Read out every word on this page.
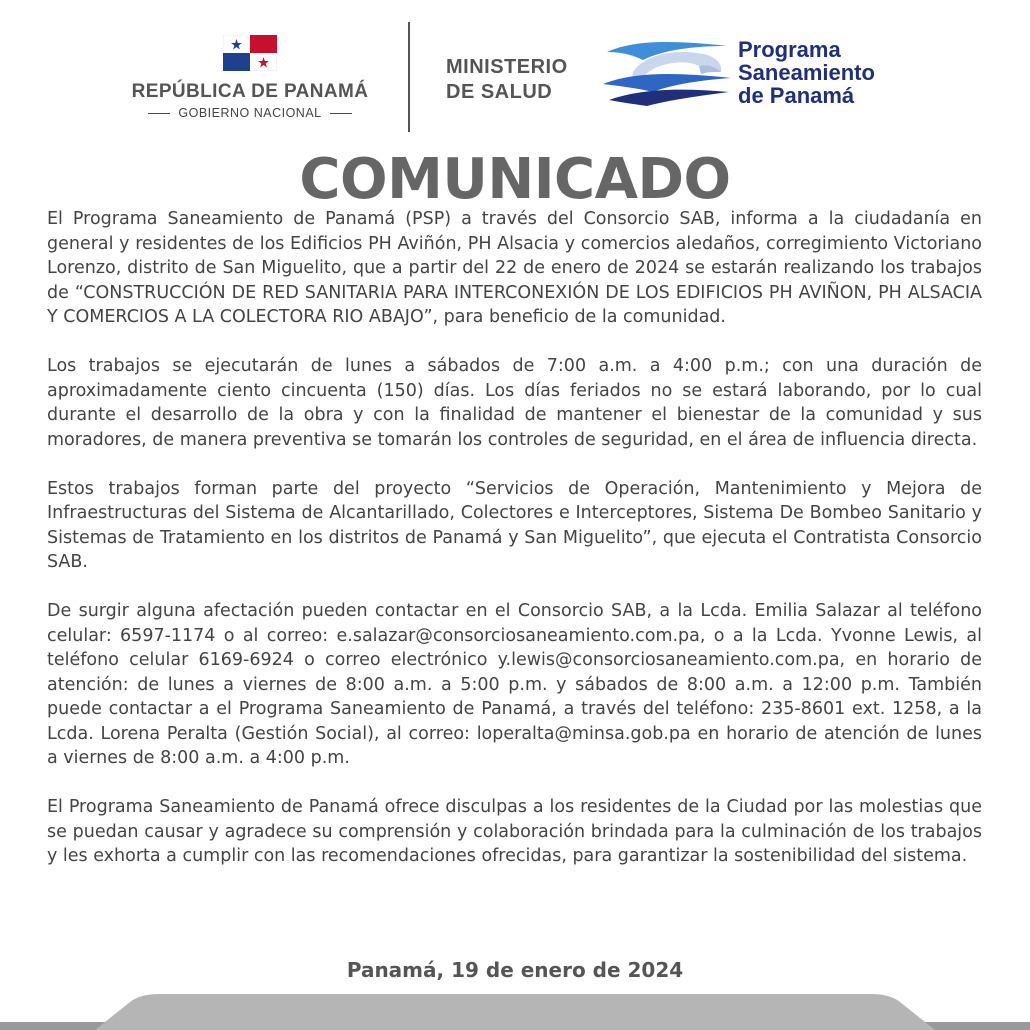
REPÚBLICA DE PANAMÁ
GOBIERNO NACIONAL
MINISTERIO
DE SALUD
Programa
Saneamiento
de Panamá
COMUNICADO

El Programa Saneamiento de Panamá (PSP) a través del Consorcio SAB, informa a la ciudadanía en general y residentes de los Edificios PH Aviñón, PH Alsacia y comercios aledaños, corregimiento Victoriano Lorenzo, distrito de San Miguelito, que a partir del 22 de enero de 2024 se estarán realizando los trabajos de “CONSTRUCCIÓN DE RED SANITARIA PARA INTERCONEXIÓN DE LOS EDIFICIOS PH AVIÑON, PH ALSACIA Y COMERCIOS A LA COLECTORA RIO ABAJO”, para beneficio de la comunidad.

Los trabajos se ejecutarán de lunes a sábados de 7:00 a.m. a 4:00 p.m.; con una duración de aproximadamente ciento cincuenta (150) días. Los días feriados no se estará laborando, por lo cual durante el desarrollo de la obra y con la finalidad de mantener el bienestar de la comunidad y sus moradores, de manera preventiva se tomarán los controles de seguridad, en el área de influencia directa.

Estos trabajos forman parte del proyecto “Servicios de Operación, Mantenimiento y Mejora de Infraestructuras del Sistema de Alcantarillado, Colectores e Interceptores, Sistema De Bombeo Sanitario y Sistemas de Tratamiento en los distritos de Panamá y San Miguelito”, que ejecuta el Contratista Consorcio SAB.

De surgir alguna afectación pueden contactar en el Consorcio SAB, a la Lcda. Emilia Salazar al teléfono celular: 6597-1174 o al correo: e.salazar@consorciosaneamiento.com.pa, o a la Lcda. Yvonne Lewis, al teléfono celular 6169-6924 o correo electrónico y.lewis@consorciosaneamiento.com.pa, en horario de atención: de lunes a viernes de 8:00 a.m. a 5:00 p.m. y sábados de 8:00 a.m. a 12:00 p.m. También puede contactar a el Programa Saneamiento de Panamá, a través del teléfono: 235-8601 ext. 1258, a la Lcda. Lorena Peralta (Gestión Social), al correo: loperalta@minsa.gob.pa en horario de atención de lunes a viernes de 8:00 a.m. a 4:00 p.m.

El Programa Saneamiento de Panamá ofrece disculpas a los residentes de la Ciudad por las molestias que se puedan causar y agradece su comprensión y colaboración brindada para la culminación de los trabajos y les exhorta a cumplir con las recomendaciones ofrecidas, para garantizar la sostenibilidad del sistema.

Panamá, 19 de enero de 2024
